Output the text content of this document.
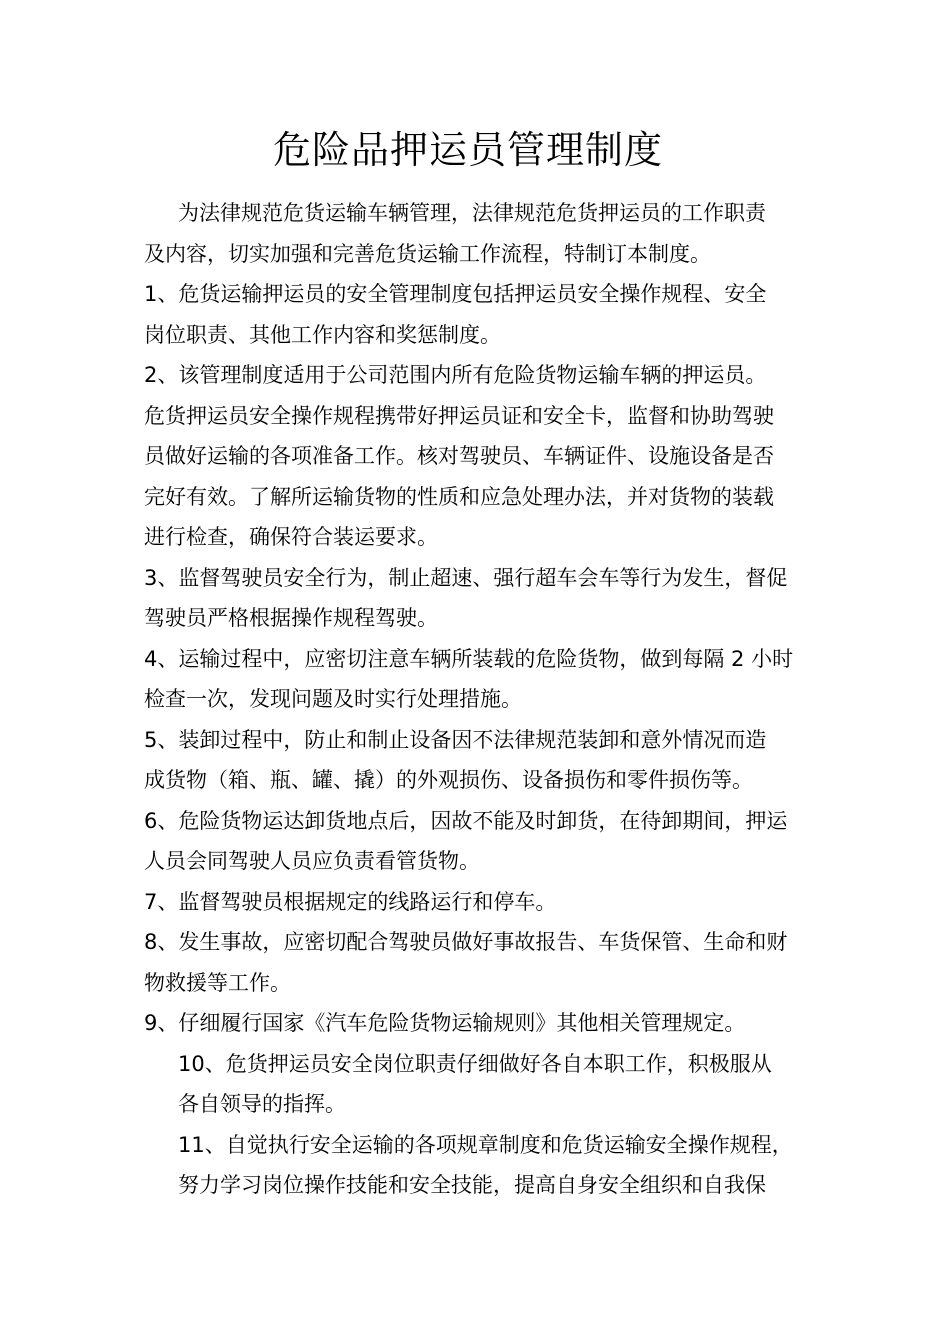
危险品押运员管理制度
为法律规范危货运输车辆管理，法律规范危货押运员的工作职责
及内容，切实加强和完善危货运输工作流程，特制订本制度。
1、危货运输押运员的安全管理制度包括押运员安全操作规程、安全
岗位职责、其他工作内容和奖惩制度。
2、该管理制度适用于公司范围内所有危险货物运输车辆的押运员。
危货押运员安全操作规程携带好押运员证和安全卡，监督和协助驾驶
员做好运输的各项准备工作。核对驾驶员、车辆证件、设施设备是否
完好有效。了解所运输货物的性质和应急处理办法，并对货物的装载
进行检查，确保符合装运要求。
3、监督驾驶员安全行为，制止超速、强行超车会车等行为发生，督促
驾驶员严格根据操作规程驾驶。
4、运输过程中，应密切注意车辆所装载的危险货物，做到每隔 2 小时
检查一次，发现问题及时实行处理措施。
5、装卸过程中，防止和制止设备因不法律规范装卸和意外情况而造
成货物（箱、瓶、罐、撬）的外观损伤、设备损伤和零件损伤等。
6、危险货物运达卸货地点后，因故不能及时卸货，在待卸期间，押运
人员会同驾驶人员应负责看管货物。
7、监督驾驶员根据规定的线路运行和停车。
8、发生事故，应密切配合驾驶员做好事故报告、车货保管、生命和财
物救援等工作。
9、仔细履行国家《汽车危险货物运输规则》其他相关管理规定。
10、危货押运员安全岗位职责仔细做好各自本职工作，积极服从
各自领导的指挥。
11、自觉执行安全运输的各项规章制度和危货运输安全操作规程，
努力学习岗位操作技能和安全技能，提高自身安全组织和自我保
